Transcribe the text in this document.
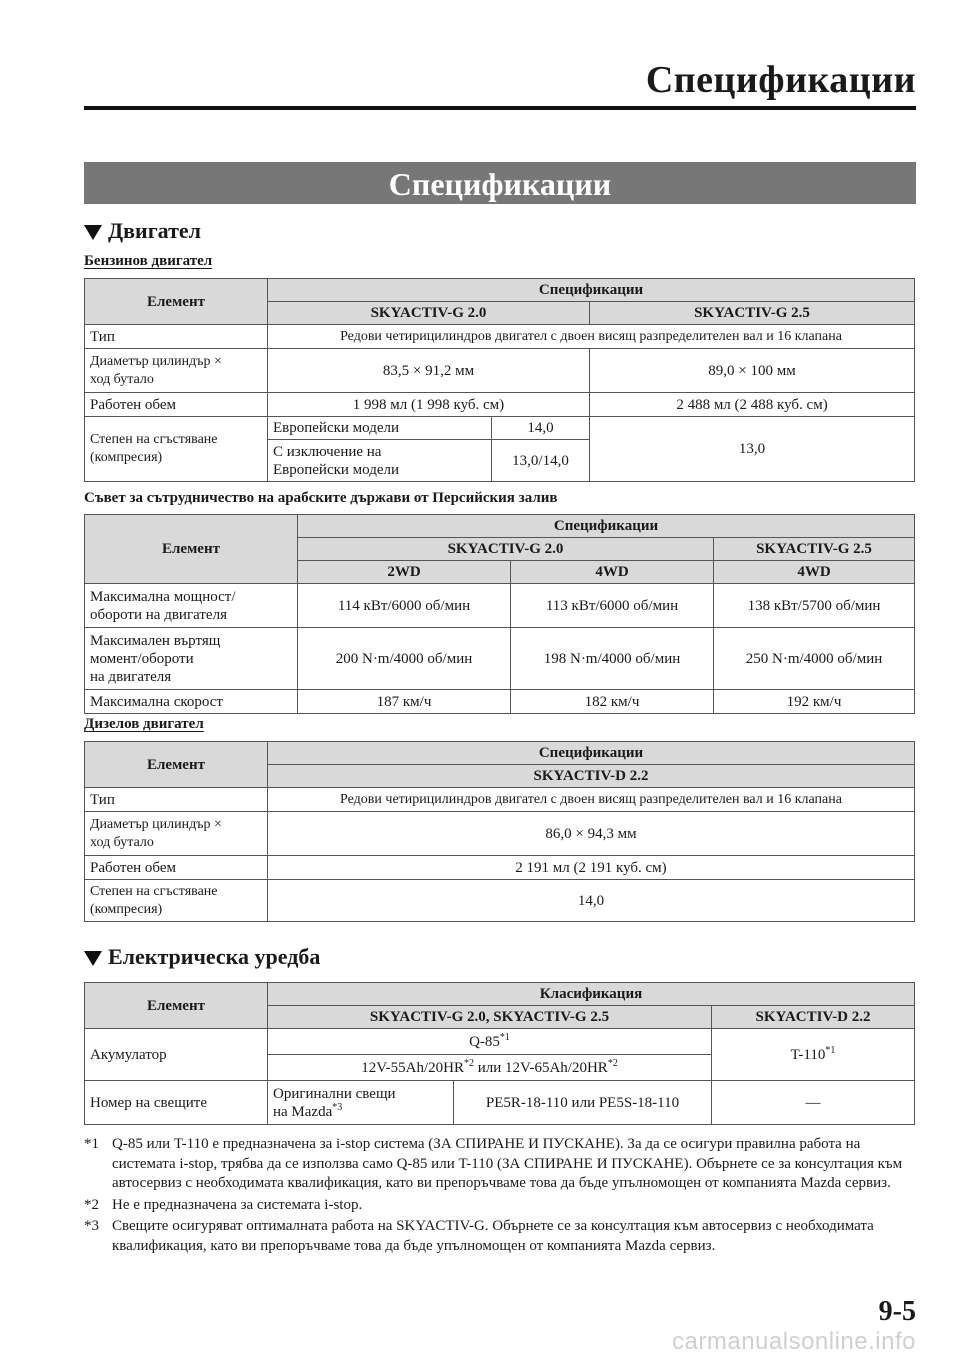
Спецификации
Спецификации
Двигател
Бензинов двигател
Елемент	Спецификации		
	SKYACTIV-G 2.0		SKYACTIV-G 2.5
Тип	Редови четирицилиндров двигател с двоен висящ разпределителен вал и 16 клапана		

Диаметър цилиндър ×
ход бутало	83,5 × 91,2 мм		89,0 × 100 мм
Работен обем	1 998 мл (1 998 куб. см)		2 488 мл (2 488 куб. см)

Степен на сгъстяване
(компресия)	Европейски модели	14,0	13,0

	С изключение на
Европейски модели	13,0/14,0	
Съвет за сътрудничество на арабските държави от Персийския залив
Елемент	Спецификации		
	SKYACTIV-G 2.0		SKYACTIV-G 2.5
	2WD	4WD	4WD

Максимална мощност/
обороти на двигателя	114 кВт/6000 об/мин	113 кВт/6000 об/мин	138 кВт/5700 об/мин

Максимален въртящ
момент/обороти
на двигателя	200 N·m/4000 об/мин	198 N·m/4000 об/мин	250 N·m/4000 об/мин
Максимална скорост	187 км/ч	182 км/ч	192 км/ч
Дизелов двигател
Елемент	Спецификации
	SKYACTIV-D 2.2
Тип	Редови четирицилиндров двигател с двоен висящ разпределителен вал и 16 клапана

Диаметър цилиндър ×
ход бутало	86,0 × 94,3 мм
Работен обем	2 191 мл (2 191 куб. см)

Степен на сгъстяване
(компресия)	14,0
Електрическа уредба
Елемент	Класификация		
	SKYACTIV-G 2.0, SKYACTIV-G 2.5		SKYACTIV-D 2.2
Акумулатор	Q-85$^{*1}$		T-110$^{*1}$
	12V-55Ah/20HR$^{*2}$ или 12V-65Ah/20HR$^{*2}$
Номер на свещите	Оригинални свещи
на Mazda$^{*3}$	PE5R-18-110 или PE5S-18-110	—
*1 Q-85 или T-110 е предназначена за i-stop система (ЗА СПИРАНЕ И ПУСКАНЕ). За да се осигури правилна работа на системата i-stop, трябва да се използва само Q-85 или T-110 (ЗА СПИРАНЕ И ПУСКАНЕ). Обърнете се за консултация към автосервиз с необходимата квалификация, като ви препоръчваме това да бъде упълномощен от компанията Mazda сервиз.
*2 Не е предназначена за системата i-stop.
*3 Свещите осигуряват оптималната работа на SKYACTIV-G. Обърнете се за консултация към автосервиз с необходимата квалификация, като ви препоръчваме това да бъде упълномощен от компанията Mazda сервиз.
9-5
carmanualsonline.info
